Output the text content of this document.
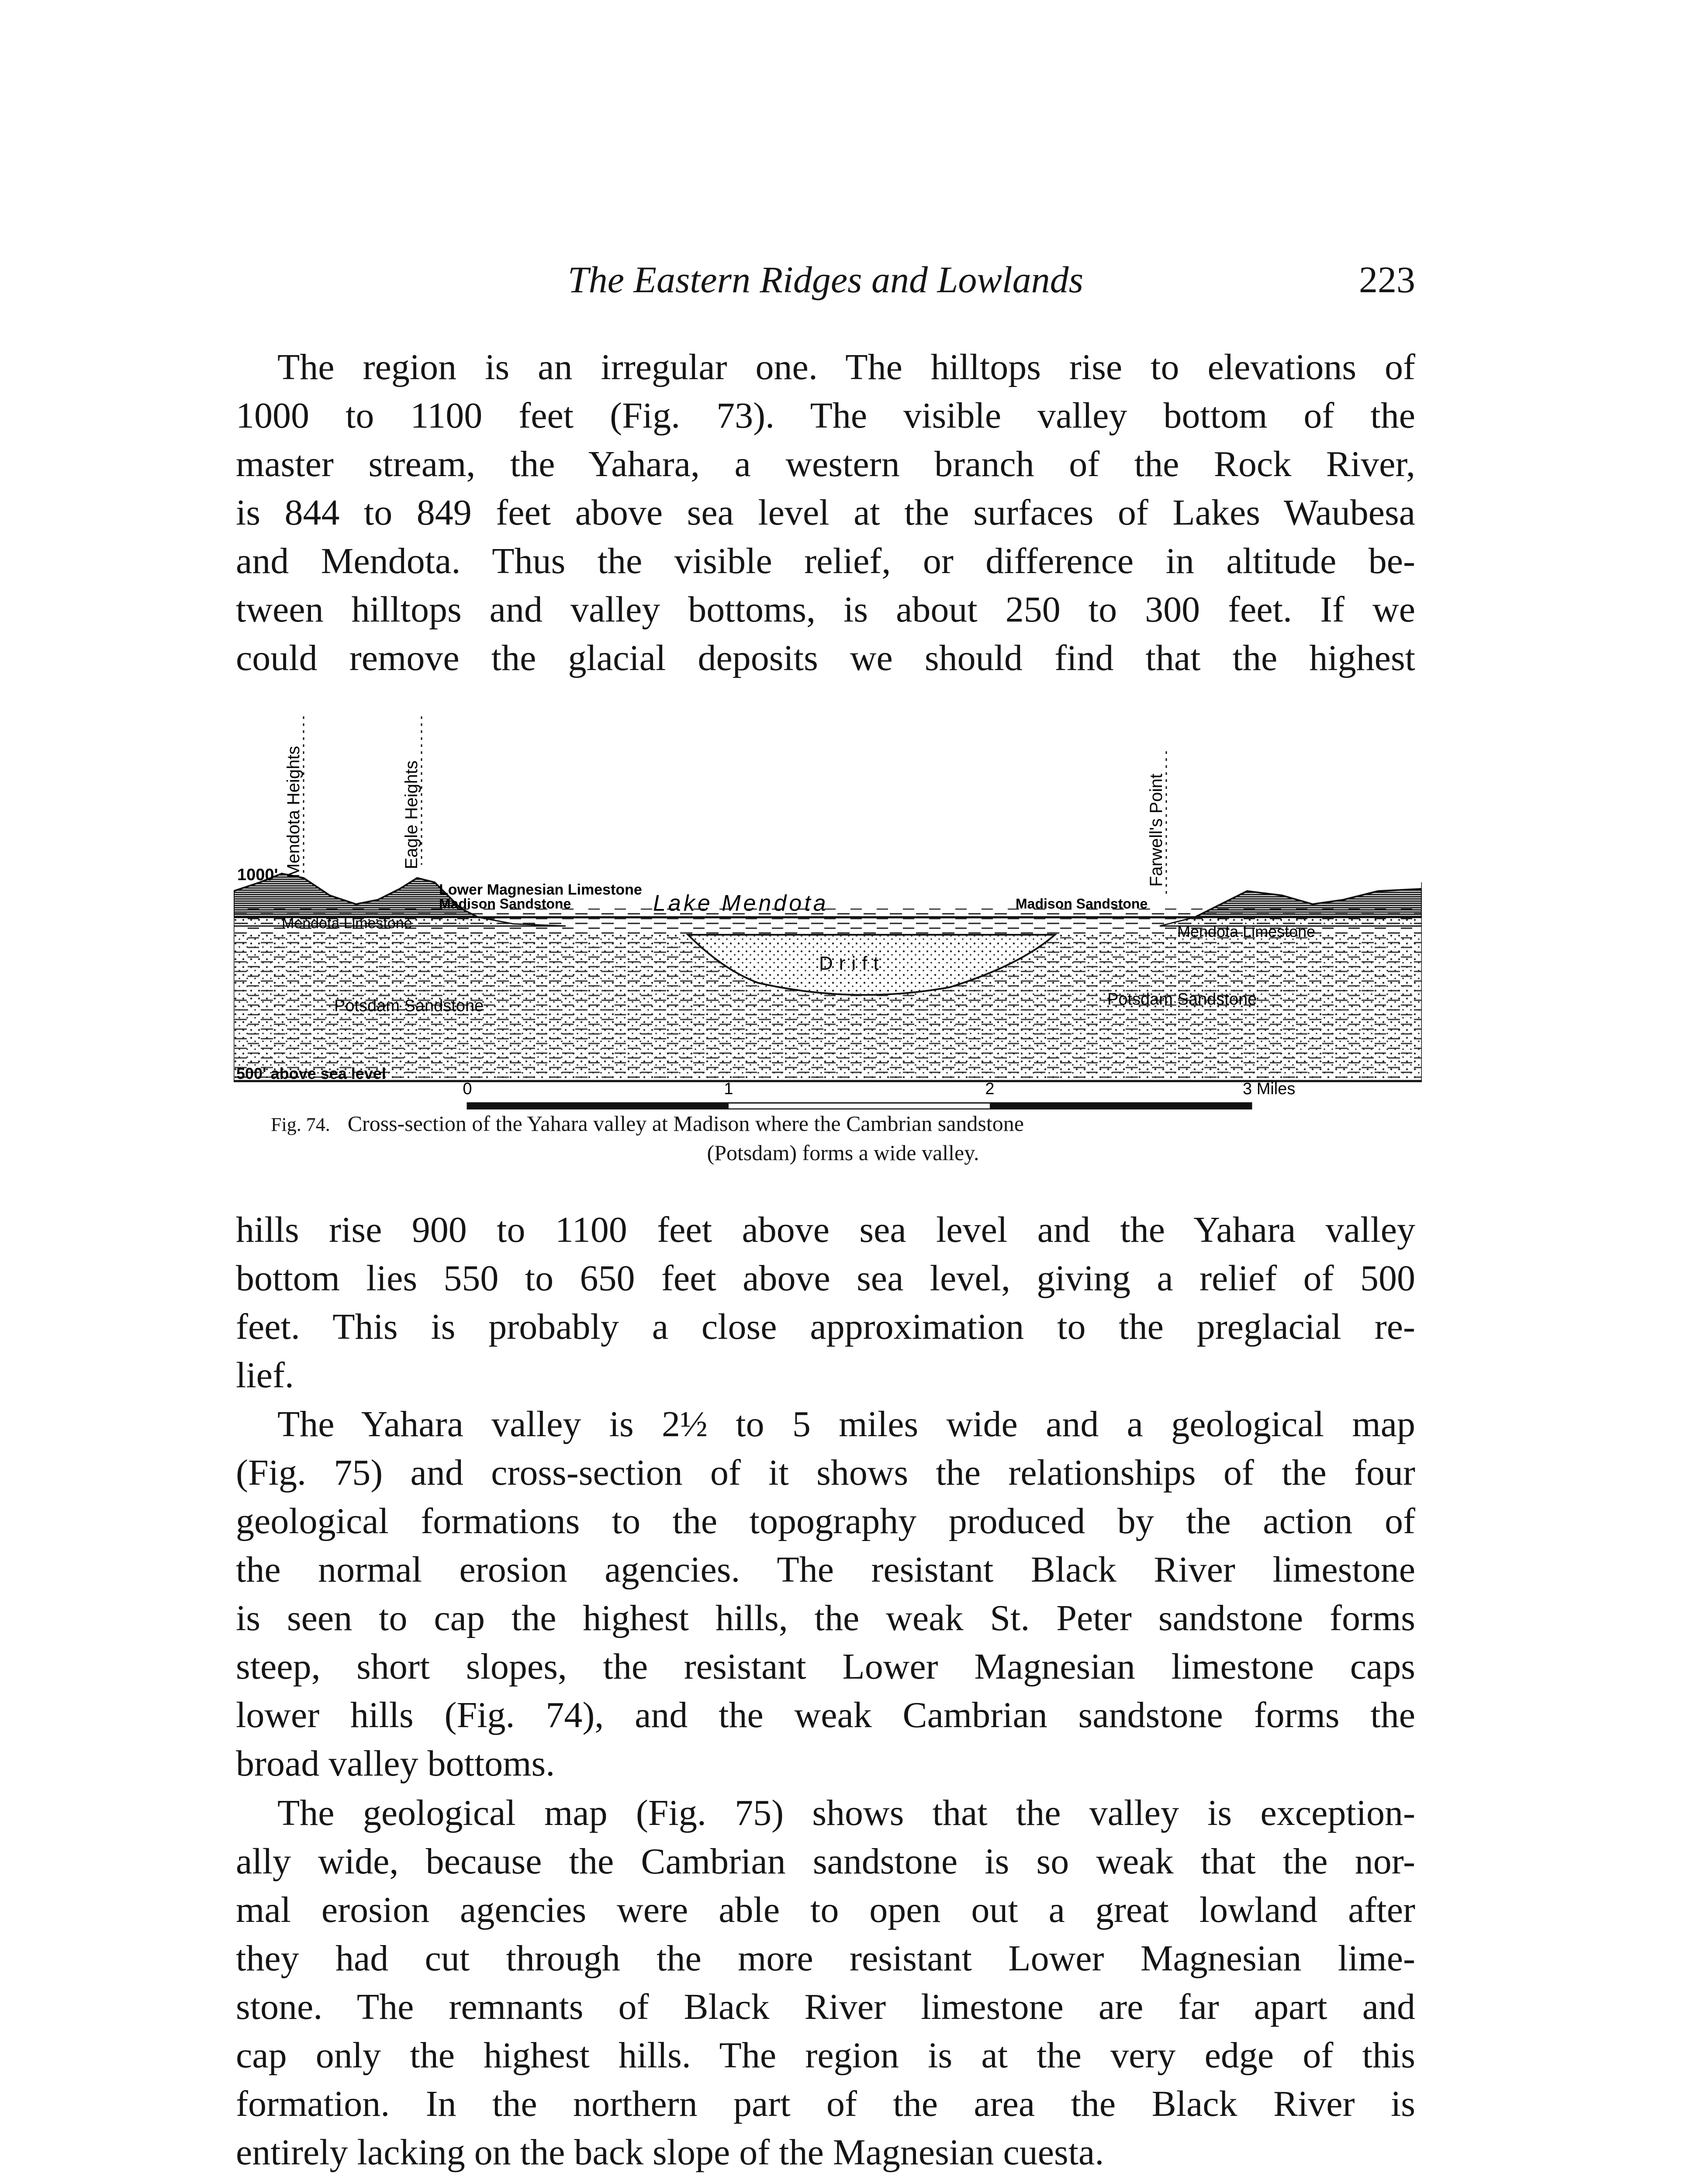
The Eastern Ridges and Lowlands	223
The region is an irregular one. The hilltops rise to elevations of
1000 to 1100 feet (Fig. 73). The visible valley bottom of the
master stream, the Yahara, a western branch of the Rock River,
is 844 to 849 feet above sea level at the surfaces of Lakes Waubesa
and Mendota. Thus the visible relief, or difference in altitude be-
tween hilltops and valley bottoms, is about 250 to 300 feet. If we
could remove the glacial deposits we should find that the highest
Mendota Heights	Eagle Heights	Farwell's Point
1000'
Lower Magnesian Limestone
Madison Sandstone
Mendota Limestone
Potsdam Sandstone
Lake Mendota
Drift
Madison Sandstone
Mendota Limestone
Potsdam Sandstone
500' above sea level
0	1	2	3 Miles
Fig. 74. Cross-section of the Yahara valley at Madison where the Cambrian sandstone
(Potsdam) forms a wide valley.
hills rise 900 to 1100 feet above sea level and the Yahara valley
bottom lies 550 to 650 feet above sea level, giving a relief of 500
feet. This is probably a close approximation to the preglacial re-
lief.
The Yahara valley is 2½ to 5 miles wide and a geological map
(Fig. 75) and cross-section of it shows the relationships of the four
geological formations to the topography produced by the action of
the normal erosion agencies. The resistant Black River limestone
is seen to cap the highest hills, the weak St. Peter sandstone forms
steep, short slopes, the resistant Lower Magnesian limestone caps
lower hills (Fig. 74), and the weak Cambrian sandstone forms the
broad valley bottoms.
The geological map (Fig. 75) shows that the valley is exception-
ally wide, because the Cambrian sandstone is so weak that the nor-
mal erosion agencies were able to open out a great lowland after
they had cut through the more resistant Lower Magnesian lime-
stone. The remnants of Black River limestone are far apart and
cap only the highest hills. The region is at the very edge of this
formation. In the northern part of the area the Black River is
entirely lacking on the back slope of the Magnesian cuesta.
